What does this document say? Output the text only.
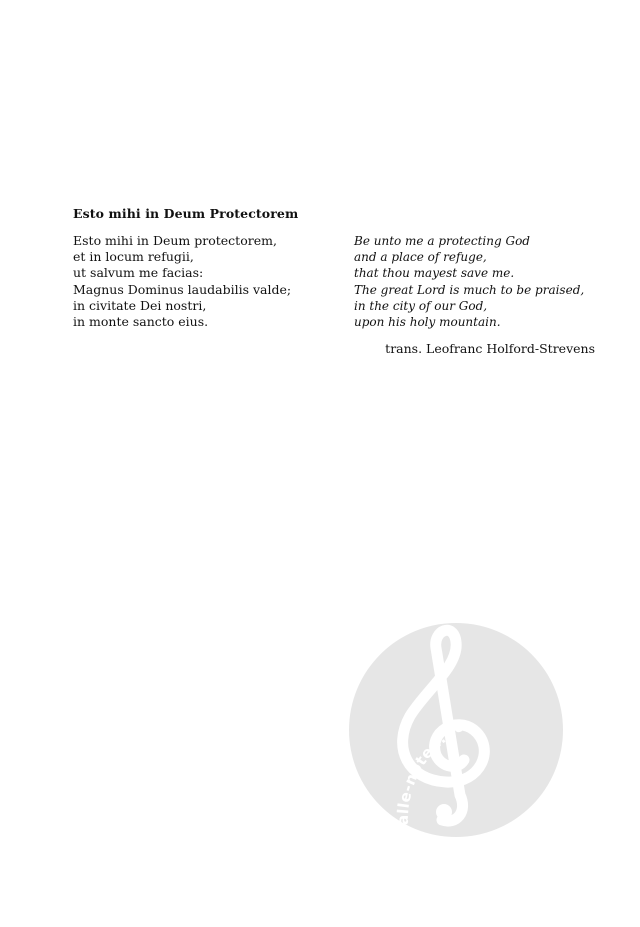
Esto mihi in Deum Protectorem
Esto mihi in Deum protectorem,
et in locum refugii,
ut salvum me facias:
Magnus Dominus laudabilis valde;
in civitate Dei nostri,
in monte sancto eius.
Be unto me a protecting God
and a place of refuge,
that thou mayest save me.
The great Lord is much to be praised,
in the city of our God,
upon his holy mountain.
trans. Leofranc Holford-Strevens
alle-noten.de
